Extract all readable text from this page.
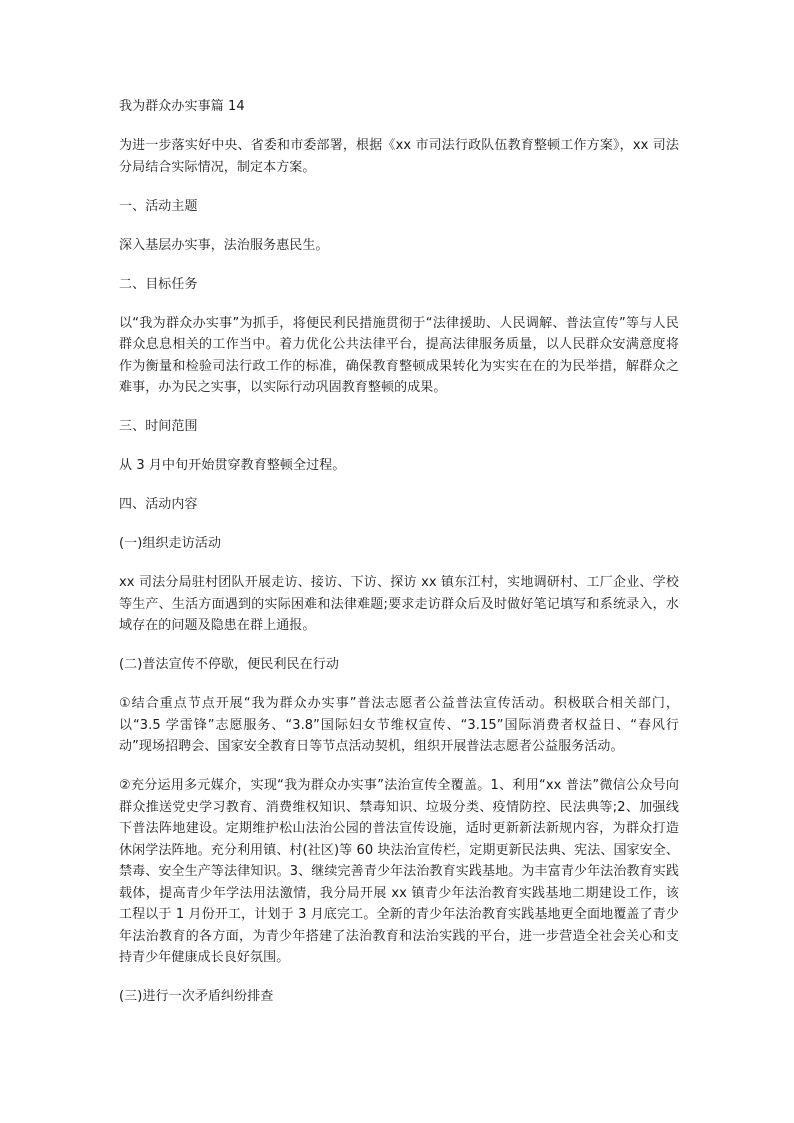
我为群众办实事篇 14

为进一步落实好中央、省委和市委部署，根据《xx 市司法行政队伍教育整顿工作方案》，xx 司法分局结合实际情况，制定本方案。

一、活动主题

深入基层办实事，法治服务惠民生。

二、目标任务

以“我为群众办实事”为抓手，将便民利民措施贯彻于“法律援助、人民调解、普法宣传”等与人民群众息息相关的工作当中。着力优化公共法律平台，提高法律服务质量，以人民群众安满意度将作为衡量和检验司法行政工作的标准，确保教育整顿成果转化为实实在在的为民举措，解群众之难事，办为民之实事，以实际行动巩固教育整顿的成果。

三、时间范围

从 3 月中旬开始贯穿教育整顿全过程。

四、活动内容

(一)组织走访活动

xx 司法分局驻村团队开展走访、接访、下访、探访 xx 镇东江村，实地调研村、工厂企业、学校等生产、生活方面遇到的实际困难和法律难题;要求走访群众后及时做好笔记填写和系统录入，水域存在的问题及隐患在群上通报。

(二)普法宣传不停歇，便民利民在行动

①结合重点节点开展“我为群众办实事”普法志愿者公益普法宣传活动。积极联合相关部门，以“3.5 学雷锋”志愿服务、“3.8”国际妇女节维权宣传、“3.15”国际消费者权益日、“春风行动”现场招聘会、国家安全教育日等节点活动契机，组织开展普法志愿者公益服务活动。

②充分运用多元媒介，实现“我为群众办实事”法治宣传全覆盖。1、利用“xx 普法”微信公众号向群众推送党史学习教育、消费维权知识、禁毒知识、垃圾分类、疫情防控、民法典等;2、加强线下普法阵地建设。定期维护松山法治公园的普法宣传设施，适时更新新法新规内容，为群众打造休闲学法阵地。充分利用镇、村(社区)等 60 块法治宣传栏，定期更新民法典、宪法、国家安全、禁毒、安全生产等法律知识。3、继续完善青少年法治教育实践基地。为丰富青少年法治教育实践载体，提高青少年学法用法激情，我分局开展 xx 镇青少年法治教育实践基地二期建设工作，该工程以于 1 月份开工，计划于 3 月底完工。全新的青少年法治教育实践基地更全面地覆盖了青少年法治教育的各方面，为青少年搭建了法治教育和法治实践的平台，进一步营造全社会关心和支持青少年健康成长良好氛围。

(三)进行一次矛盾纠纷排查
